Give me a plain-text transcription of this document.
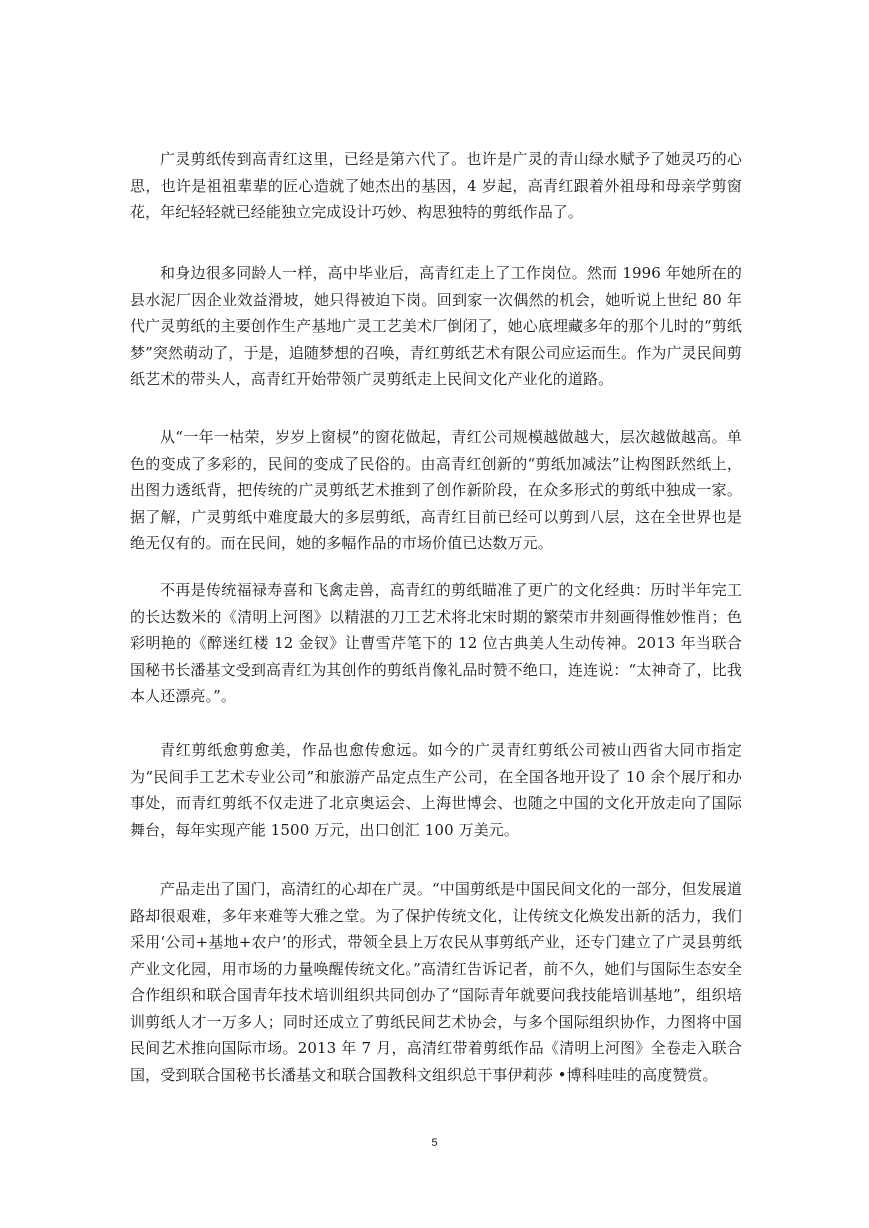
广灵剪纸传到高青红这里，已经是第六代了。也许是广灵的青山绿水赋予了她灵巧的心思，也许是祖祖辈辈的匠心造就了她杰出的基因，4 岁起，高青红跟着外祖母和母亲学剪窗花，年纪轻轻就已经能独立完成设计巧妙、构思独特的剪纸作品了。

和身边很多同龄人一样，高中毕业后，高青红走上了工作岗位。然而 1996 年她所在的县水泥厂因企业效益滑坡，她只得被迫下岗。回到家一次偶然的机会，她听说上世纪 80 年代广灵剪纸的主要创作生产基地广灵工艺美术厂倒闭了，她心底埋藏多年的那个儿时的“剪纸梦”突然萌动了，于是，追随梦想的召唤，青红剪纸艺术有限公司应运而生。作为广灵民间剪纸艺术的带头人，高青红开始带领广灵剪纸走上民间文化产业化的道路。

从“一年一枯荣，岁岁上窗棂”的窗花做起，青红公司规模越做越大，层次越做越高。单色的变成了多彩的，民间的变成了民俗的。由高青红创新的“剪纸加减法”让构图跃然纸上，出图力透纸背，把传统的广灵剪纸艺术推到了创作新阶段，在众多形式的剪纸中独成一家。据了解，广灵剪纸中难度最大的多层剪纸，高青红目前已经可以剪到八层，这在全世界也是绝无仅有的。而在民间，她的多幅作品的市场价值已达数万元。

不再是传统福禄寿喜和飞禽走兽，高青红的剪纸瞄准了更广的文化经典：历时半年完工的长达数米的《清明上河图》以精湛的刀工艺术将北宋时期的繁荣市井刻画得惟妙惟肖；色彩明艳的《醉迷红楼 12 金钗》让曹雪芹笔下的 12 位古典美人生动传神。2013 年当联合国秘书长潘基文受到高青红为其创作的剪纸肖像礼品时赞不绝口，连连说：“太神奇了，比我本人还漂亮。”。

青红剪纸愈剪愈美，作品也愈传愈远。如今的广灵青红剪纸公司被山西省大同市指定为“民间手工艺术专业公司”和旅游产品定点生产公司，在全国各地开设了 10 余个展厅和办事处，而青红剪纸不仅走进了北京奥运会、上海世博会、也随之中国的文化开放走向了国际舞台，每年实现产能 1500 万元，出口创汇 100 万美元。

产品走出了国门，高清红的心却在广灵。“中国剪纸是中国民间文化的一部分，但发展道路却很艰难，多年来难等大雅之堂。为了保护传统文化，让传统文化焕发出新的活力，我们采用‘公司+基地+农户’的形式，带领全县上万农民从事剪纸产业，还专门建立了广灵县剪纸产业文化园，用市场的力量唤醒传统文化。”高清红告诉记者，前不久，她们与国际生态安全合作组织和联合国青年技术培训组织共同创办了“国际青年就要问我技能培训基地”，组织培训剪纸人才一万多人；同时还成立了剪纸民间艺术协会，与多个国际组织协作，力图将中国民间艺术推向国际市场。2013 年 7 月，高清红带着剪纸作品《清明上河图》全卷走入联合国，受到联合国秘书长潘基文和联合国教科文组织总干事伊莉莎 •博科哇哇的高度赞赏。

5
